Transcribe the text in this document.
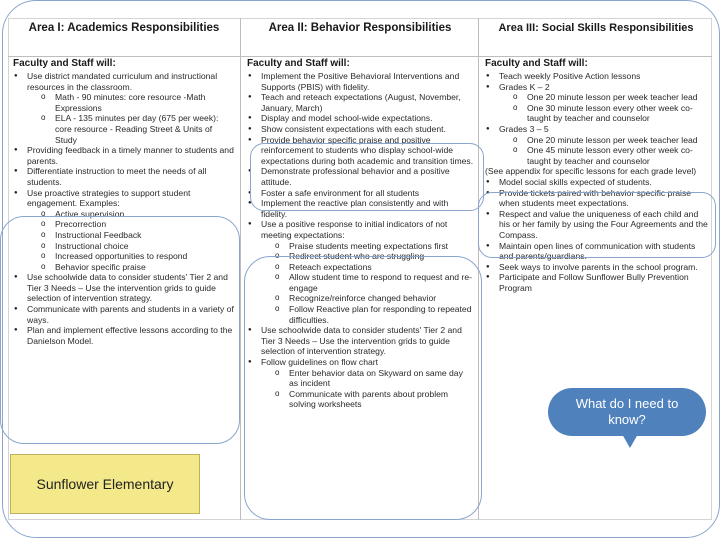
Area I: Academics Responsibilities

Faculty and Staff will:

● Use district mandated curriculum and instructional resources in the classroom.
o Math - 90 minutes: core resource -Math Expressions
o ELA - 135 minutes per day (675 per week): core resource - Reading Street & Units of Study
● Providing feedback in a timely manner to students and parents.
● Differentiate instruction to meet the needs of all students.
● Use proactive strategies to support student engagement. Examples:
o Active supervision
o Precorrection
o Instructional Feedback
o Instructional choice
o Increased opportunities to respond
o Behavior specific praise
● Use schoolwide data to consider students' Tier 2 and Tier 3 Needs – Use the intervention grids to guide selection of intervention strategy.
● Communicate with parents and students in a variety of ways.
● Plan and implement effective lessons according to the Danielson Model.
Area II: Behavior Responsibilities

Faculty and Staff will:

● Implement the Positive Behavioral Interventions and Supports (PBIS) with fidelity.
● Teach and reteach expectations (August, November, January, March)
● Display and model school-wide expectations.
● Show consistent expectations with each student.
● Provide behavior specific praise and positive reinforcement to students who display school-wide expectations during both academic and transition times.
● Demonstrate professional behavior and a positive attitude.
● Foster a safe environment for all students
● Implement the reactive plan consistently and with fidelity.
● Use a positive response to initial indicators of not meeting expectations:
o Praise students meeting expectations first
o Redirect student who are struggling
o Reteach expectations
o Allow student time to respond to request and re-engage
o Recognize/reinforce changed behavior
o Follow Reactive plan for responding to repeated difficulties.
● Use schoolwide data to consider students' Tier 2 and Tier 3 Needs – Use the intervention grids to guide selection of intervention strategy.
● Follow guidelines on flow chart
o Enter behavior data on Skyward on same day as incident
o Communicate with parents about problem solving worksheets
Area III: Social Skills Responsibilities

Faculty and Staff will:

● Teach weekly Positive Action lessons
● Grades K – 2
o One 20 minute lesson per week teacher lead
o One 30 minute lesson every other week co-taught by teacher and counselor
● Grades 3 – 5
o One 20 minute lesson per week teacher lead
o One 45 minute lesson every other week co-taught by teacher and counselor

(See appendix for specific lessons for each grade level)

● Model social skills expected of students.
● Provide tickets paired with behavior specific praise when students meet expectations.
● Respect and value the uniqueness of each child and his or her family by using the Four Agreements and the Compass.
● Maintain open lines of communication with students and parents/guardians.
● Seek ways to involve parents in the school program.
● Participate and Follow Sunflower Bully Prevention Program
Sunflower Elementary
What do I need to know?
